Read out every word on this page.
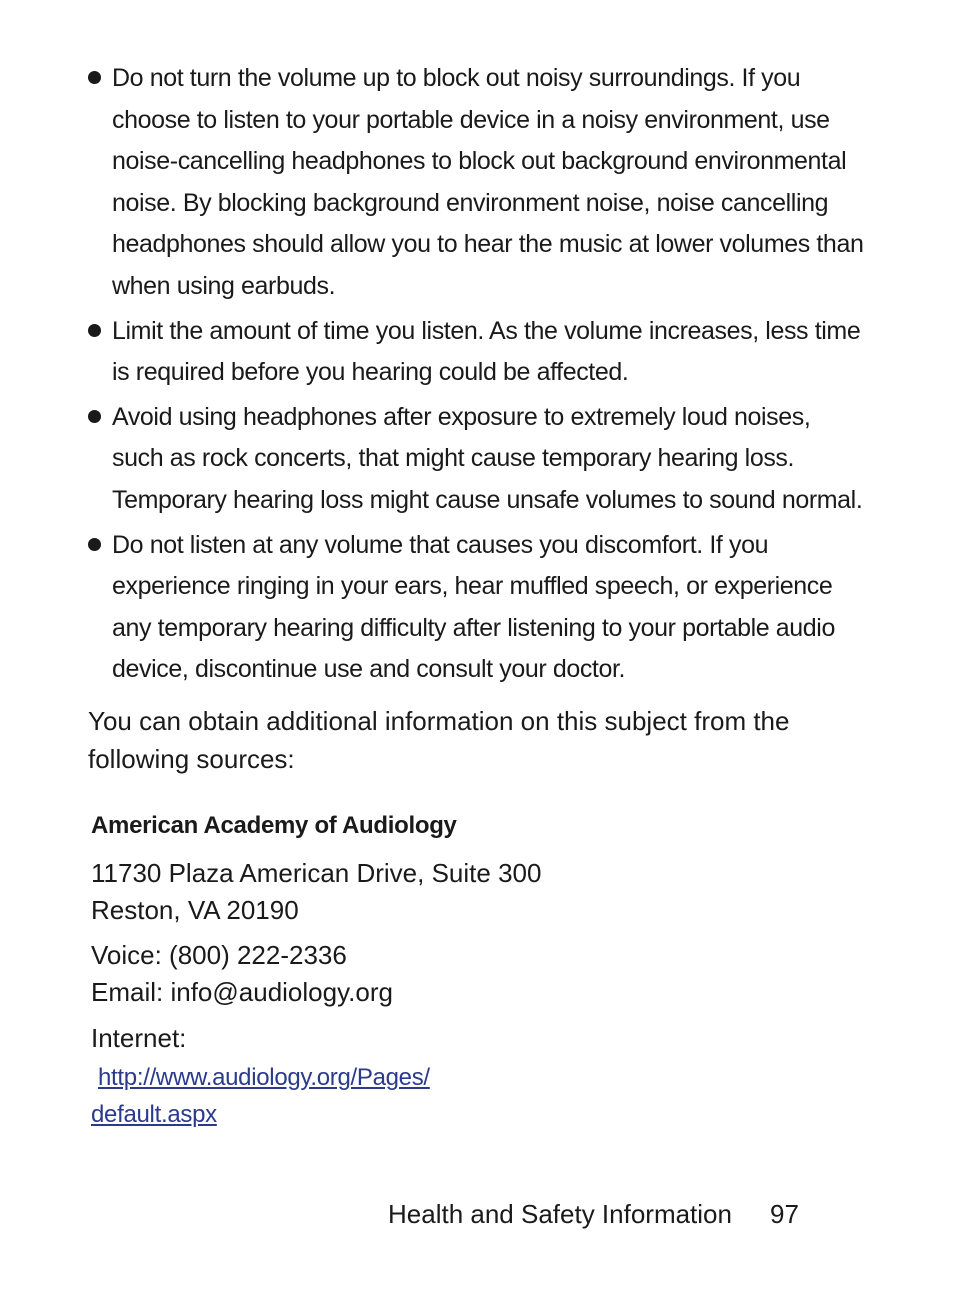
Do not turn the volume up to block out noisy surroundings. If you choose to listen to your portable device in a noisy environment, use noise-cancelling headphones to block out background environmental noise. By blocking background environment noise, noise cancelling headphones should allow you to hear the music at lower volumes than when using earbuds.
Limit the amount of time you listen. As the volume increases, less time is required before you hearing could be affected.
Avoid using headphones after exposure to extremely loud noises, such as rock concerts, that might cause temporary hearing loss. Temporary hearing loss might cause unsafe volumes to sound normal.
Do not listen at any volume that causes you discomfort. If you experience ringing in your ears, hear muffled speech, or experience any temporary hearing difficulty after listening to your portable audio device, discontinue use and consult your doctor.

You can obtain additional information on this subject from the following sources:

American Academy of Audiology

11730 Plaza American Drive, Suite 300
Reston, VA 20190

Voice: (800) 222-2336
Email: info@audiology.org

Internet:

http://www.audiology.org/Pages/
default.aspx
Health and Safety Information 97
